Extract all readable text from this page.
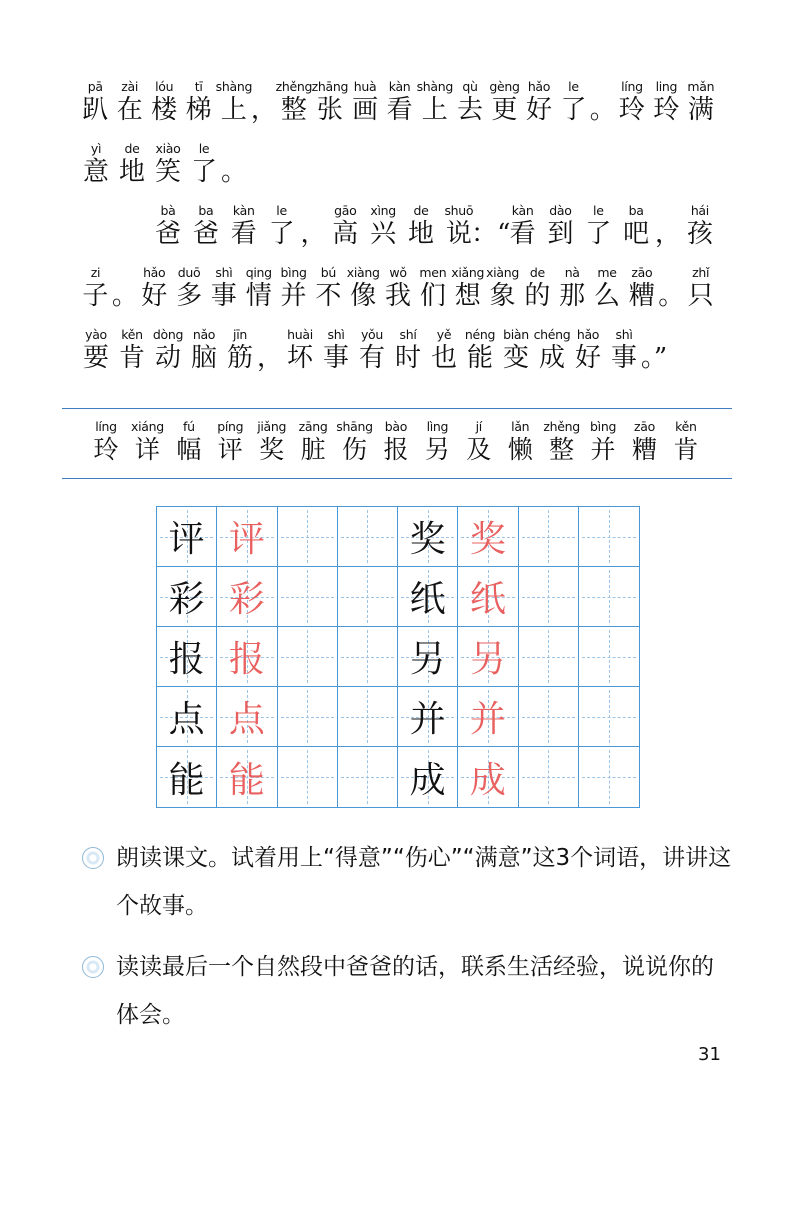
pā
趴
zài
在
lóu
楼
tī
梯
shàng
上 ，
zhěng
整
zhāng
张
huà
画
kàn
看
shàng
上
qù
去
gèng
更
hǎo
好
le
了 。
líng
玲
ling
玲
mǎn
满
yì
意
de
地
xiào
笑
le
了 。
bà
爸
ba
爸
kàn
看
le
了 ，
gāo
高
xìng
兴
de
地
shuō
说 ：“
kàn
看
dào
到
le
了
ba
吧 ，
hái
孩
zi
子 。
hǎo
好
duō
多
shì
事
qing
情
bìng
并
bú
不
xiàng
像
wǒ
我
men
们
xiǎng
想
xiàng
象
de
的
nà
那
me
么
zāo
糟 。
zhǐ
只
yào
要
kěn
肯
dòng
动
nǎo
脑
jīn
筋 ，
huài
坏
shì
事
yǒu
有
shí
时
yě
也
néng
能
biàn
变
chéng
成
hǎo
好
shì
事 。”
líng
玲
xiáng
详
fú
幅
píng
评
jiǎng
奖
zāng
脏
shāng
伤
bào
报
lìng
另
jí
及
lǎn
懒
zhěng
整
bìng
并
zāo
糟
kěn
肯
评 评	奖 奖
彩 彩	纸 纸
报 报	另 另
点 点	并 并
能 能	成 成
朗读课文。试着用上“得意”“伤心”“满意”这3个词语，讲讲这个故事。
读读最后一个自然段中爸爸的话，联系生活经验，说说你的体会。
31
